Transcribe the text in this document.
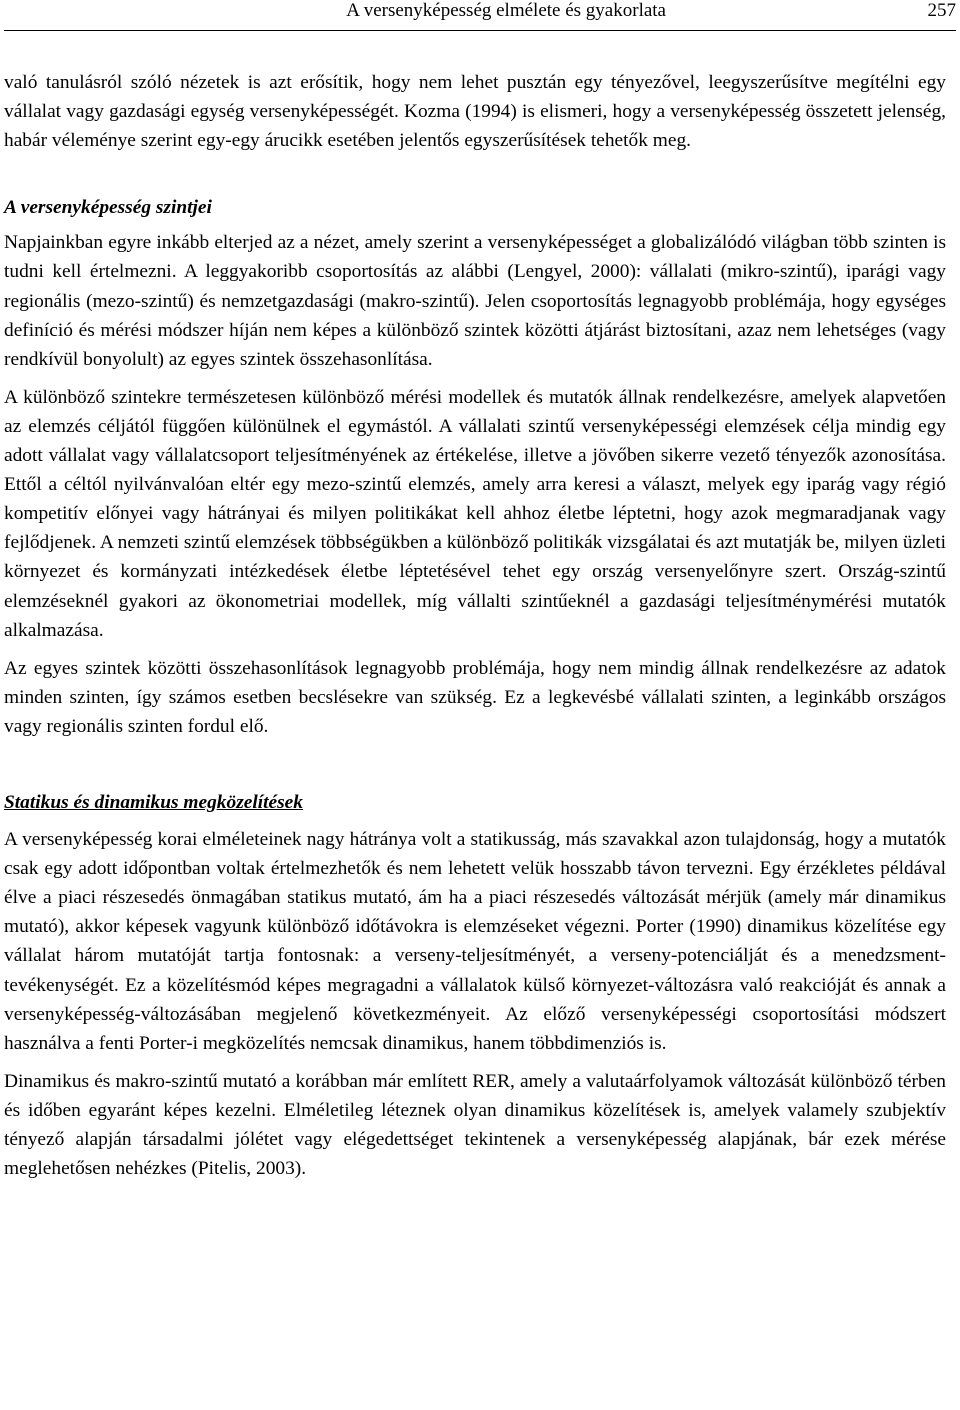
A versenyképesség elmélete és gyakorlata	257

való tanulásról szóló nézetek is azt erősítik, hogy nem lehet pusztán egy tényezővel, leegyszerűsítve megítélni egy vállalat vagy gazdasági egység versenyképességét. Kozma (1994) is elismeri, hogy a versenyképesség összetett jelenség, habár véleménye szerint egy-egy árucikk esetében jelentős egyszerűsítések tehetők meg.

A versenyképesség szintjei

Napjainkban egyre inkább elterjed az a nézet, amely szerint a versenyképességet a globalizálódó világban több szinten is tudni kell értelmezni. A leggyakoribb csoportosítás az alábbi (Lengyel, 2000): vállalati (mikro-szintű), iparági vagy regionális (mezo-szintű) és nemzetgazdasági (makro-szintű). Jelen csoportosítás legnagyobb problémája, hogy egységes definíció és mérési módszer híján nem képes a különböző szintek közötti átjárást biztosítani, azaz nem lehetséges (vagy rendkívül bonyolult) az egyes szintek összehasonlítása.

A különböző szintekre természetesen különböző mérési modellek és mutatók állnak rendelkezésre, amelyek alapvetően az elemzés céljától függően különülnek el egymástól. A vállalati szintű versenyképességi elemzések célja mindig egy adott vállalat vagy vállalatcsoport teljesítményének az értékelése, illetve a jövőben sikerre vezető tényezők azonosítása. Ettől a céltól nyilvánvalóan eltér egy mezo-szintű elemzés, amely arra keresi a választ, melyek egy iparág vagy régió kompetitív előnyei vagy hátrányai és milyen politikákat kell ahhoz életbe léptetni, hogy azok megmaradjanak vagy fejlődjenek. A nemzeti szintű elemzések többségükben a különböző politikák vizsgálatai és azt mutatják be, milyen üzleti környezet és kormányzati intézkedések életbe léptetésével tehet egy ország versenyelőnyre szert. Ország-szintű elemzéseknél gyakori az ökonometriai modellek, míg vállalti szintűeknél a gazdasági teljesítménymérési mutatók alkalmazása.

Az egyes szintek közötti összehasonlítások legnagyobb problémája, hogy nem mindig állnak rendelkezésre az adatok minden szinten, így számos esetben becslésekre van szükség. Ez a legkevésbé vállalati szinten, a leginkább országos vagy regionális szinten fordul elő.

Statikus és dinamikus megközelítések

A versenyképesség korai elméleteinek nagy hátránya volt a statikusság, más szavakkal azon tulajdonság, hogy a mutatók csak egy adott időpontban voltak értelmezhetők és nem lehetett velük hosszabb távon tervezni. Egy érzékletes példával élve a piaci részesedés önmagában statikus mutató, ám ha a piaci részesedés változását mérjük (amely már dinamikus mutató), akkor képesek vagyunk különböző időtávokra is elemzéseket végezni. Porter (1990) dinamikus közelítése egy vállalat három mutatóját tartja fontosnak: a verseny-teljesítményét, a verseny-potenciálját és a menedzsment-tevékenységét. Ez a közelítésmód képes megragadni a vállalatok külső környezet-változásra való reakcióját és annak a versenyképesség-változásában megjelenő következményeit. Az előző versenyképességi csoportosítási módszert használva a fenti Porter-i megközelítés nemcsak dinamikus, hanem többdimenziós is.

Dinamikus és makro-szintű mutató a korábban már említett RER, amely a valutaárfolyamok változását különböző térben és időben egyaránt képes kezelni. Elméletileg léteznek olyan dinamikus közelítések is, amelyek valamely szubjektív tényező alapján társadalmi jólétet vagy elégedettséget tekintenek a versenyképesség alapjának, bár ezek mérése meglehetősen nehézkes (Pitelis, 2003).
